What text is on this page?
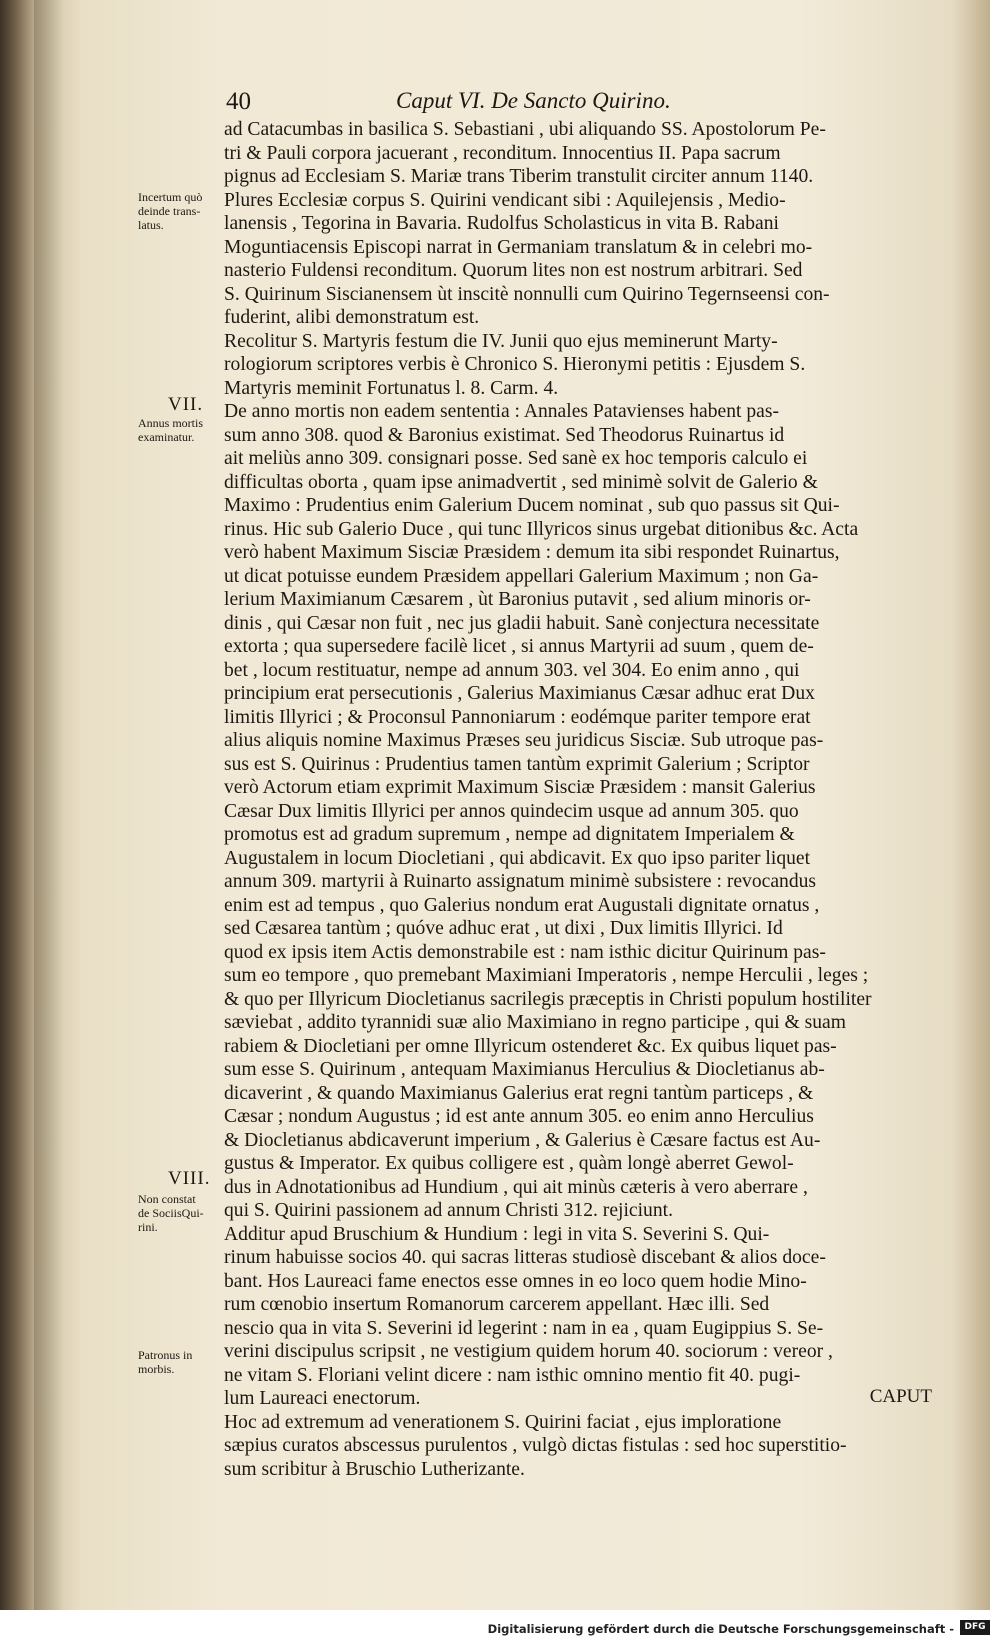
40	Caput VI. De Sancto Quirino.
Incertum quò
deinde trans-
latus.
VII.
Annus mortis
examinatur.
VIII.
Non constat
de SociisQui-
rini.
Patronus in
morbis.
ad Catacumbas in basilica S. Sebastiani , ubi aliquando SS. Apostolorum Pe-
tri & Pauli corpora jacuerant , reconditum. Innocentius II. Papa sacrum
pignus ad Ecclesiam S. Mariæ trans Tiberim transtulit circiter annum 1140.
Plures Ecclesiæ corpus S. Quirini vendicant sibi : Aquilejensis , Medio-
lanensis , Tegorina in Bavaria. Rudolfus Scholasticus in vita B. Rabani
Moguntiacensis Episcopi narrat in Germaniam translatum & in celebri mo-
nasterio Fuldensi reconditum. Quorum lites non est nostrum arbitrari. Sed
S. Quirinum Siscianensem ùt inscitè nonnulli cum Quirino Tegernseensi con-
fuderint, alibi demonstratum est.
Recolitur S. Martyris festum die IV. Junii quo ejus meminerunt Marty-
rologiorum scriptores verbis è Chronico S. Hieronymi petitis : Ejusdem S.
Martyris meminit Fortunatus l. 8. Carm. 4.
De anno mortis non eadem sententia : Annales Patavienses habent pas-
sum anno 308. quod & Baronius existimat. Sed Theodorus Ruinartus id
ait meliùs anno 309. consignari posse. Sed sanè ex hoc temporis calculo ei
difficultas oborta , quam ipse animadvertit , sed minimè solvit de Galerio &
Maximo : Prudentius enim Galerium Ducem nominat , sub quo passus sit Qui-
rinus. Hic sub Galerio Duce , qui tunc Illyricos sinus urgebat ditionibus &c. Acta
verò habent Maximum Sisciæ Præsidem : demum ita sibi respondet Ruinartus,
ut dicat potuisse eundem Præsidem appellari Galerium Maximum ; non Ga-
lerium Maximianum Cæsarem , ùt Baronius putavit , sed alium minoris or-
dinis , qui Cæsar non fuit , nec jus gladii habuit. Sanè conjectura necessitate
extorta ; qua supersedere facilè licet , si annus Martyrii ad suum , quem de-
bet , locum restituatur, nempe ad annum 303. vel 304. Eo enim anno , qui
principium erat persecutionis , Galerius Maximianus Cæsar adhuc erat Dux
limitis Illyrici ; & Proconsul Pannoniarum : eodémque pariter tempore erat
alius aliquis nomine Maximus Præses seu juridicus Sisciæ. Sub utroque pas-
sus est S. Quirinus : Prudentius tamen tantùm exprimit Galerium ; Scriptor
verò Actorum etiam exprimit Maximum Sisciæ Præsidem : mansit Galerius
Cæsar Dux limitis Illyrici per annos quindecim usque ad annum 305. quo
promotus est ad gradum supremum , nempe ad dignitatem Imperialem &
Augustalem in locum Diocletiani , qui abdicavit. Ex quo ipso pariter liquet
annum 309. martyrii à Ruinarto assignatum minimè subsistere : revocandus
enim est ad tempus , quo Galerius nondum erat Augustali dignitate ornatus ,
sed Cæsarea tantùm ; quóve adhuc erat , ut dixi , Dux limitis Illyrici. Id
quod ex ipsis item Actis demonstrabile est : nam isthic dicitur Quirinum pas-
sum eo tempore , quo premebant Maximiani Imperatoris , nempe Herculii , leges ;
& quo per Illyricum Diocletianus sacrilegis præceptis in Christi populum hostiliter
sæviebat , addito tyrannidi suæ alio Maximiano in regno participe , qui & suam
rabiem & Diocletiani per omne Illyricum ostenderet &c. Ex quibus liquet pas-
sum esse S. Quirinum , antequam Maximianus Herculius & Diocletianus ab-
dicaverint , & quando Maximianus Galerius erat regni tantùm particeps , &
Cæsar ; nondum Augustus ; id est ante annum 305. eo enim anno Herculius
& Diocletianus abdicaverunt imperium , & Galerius è Cæsare factus est Au-
gustus & Imperator. Ex quibus colligere est , quàm longè aberret Gewol-
dus in Adnotationibus ad Hundium , qui ait minùs cæteris à vero aberrare ,
qui S. Quirini passionem ad annum Christi 312. rejiciunt.
Additur apud Bruschium & Hundium : legi in vita S. Severini S. Qui-
rinum habuisse socios 40. qui sacras litteras studiosè discebant & alios doce-
bant. Hos Laureaci fame enectos esse omnes in eo loco quem hodie Mino-
rum cœnobio insertum Romanorum carcerem appellant. Hæc illi. Sed
nescio qua in vita S. Severini id legerint : nam in ea , quam Eugippius S. Se-
verini discipulus scripsit , ne vestigium quidem horum 40. sociorum : vereor ,
ne vitam S. Floriani velint dicere : nam isthic omnino mentio fit 40. pugi-
lum Laureaci enectorum.
Hoc ad extremum ad venerationem S. Quirini faciat , ejus imploratione
sæpius curatos abscessus purulentos , vulgò dictas fistulas : sed hoc superstitio-
sum scribitur à Bruschio Lutherizante.
CAPUT
Digitalisierung gefördert durch die Deutsche Forschungsgemeinschaft -	DFG
